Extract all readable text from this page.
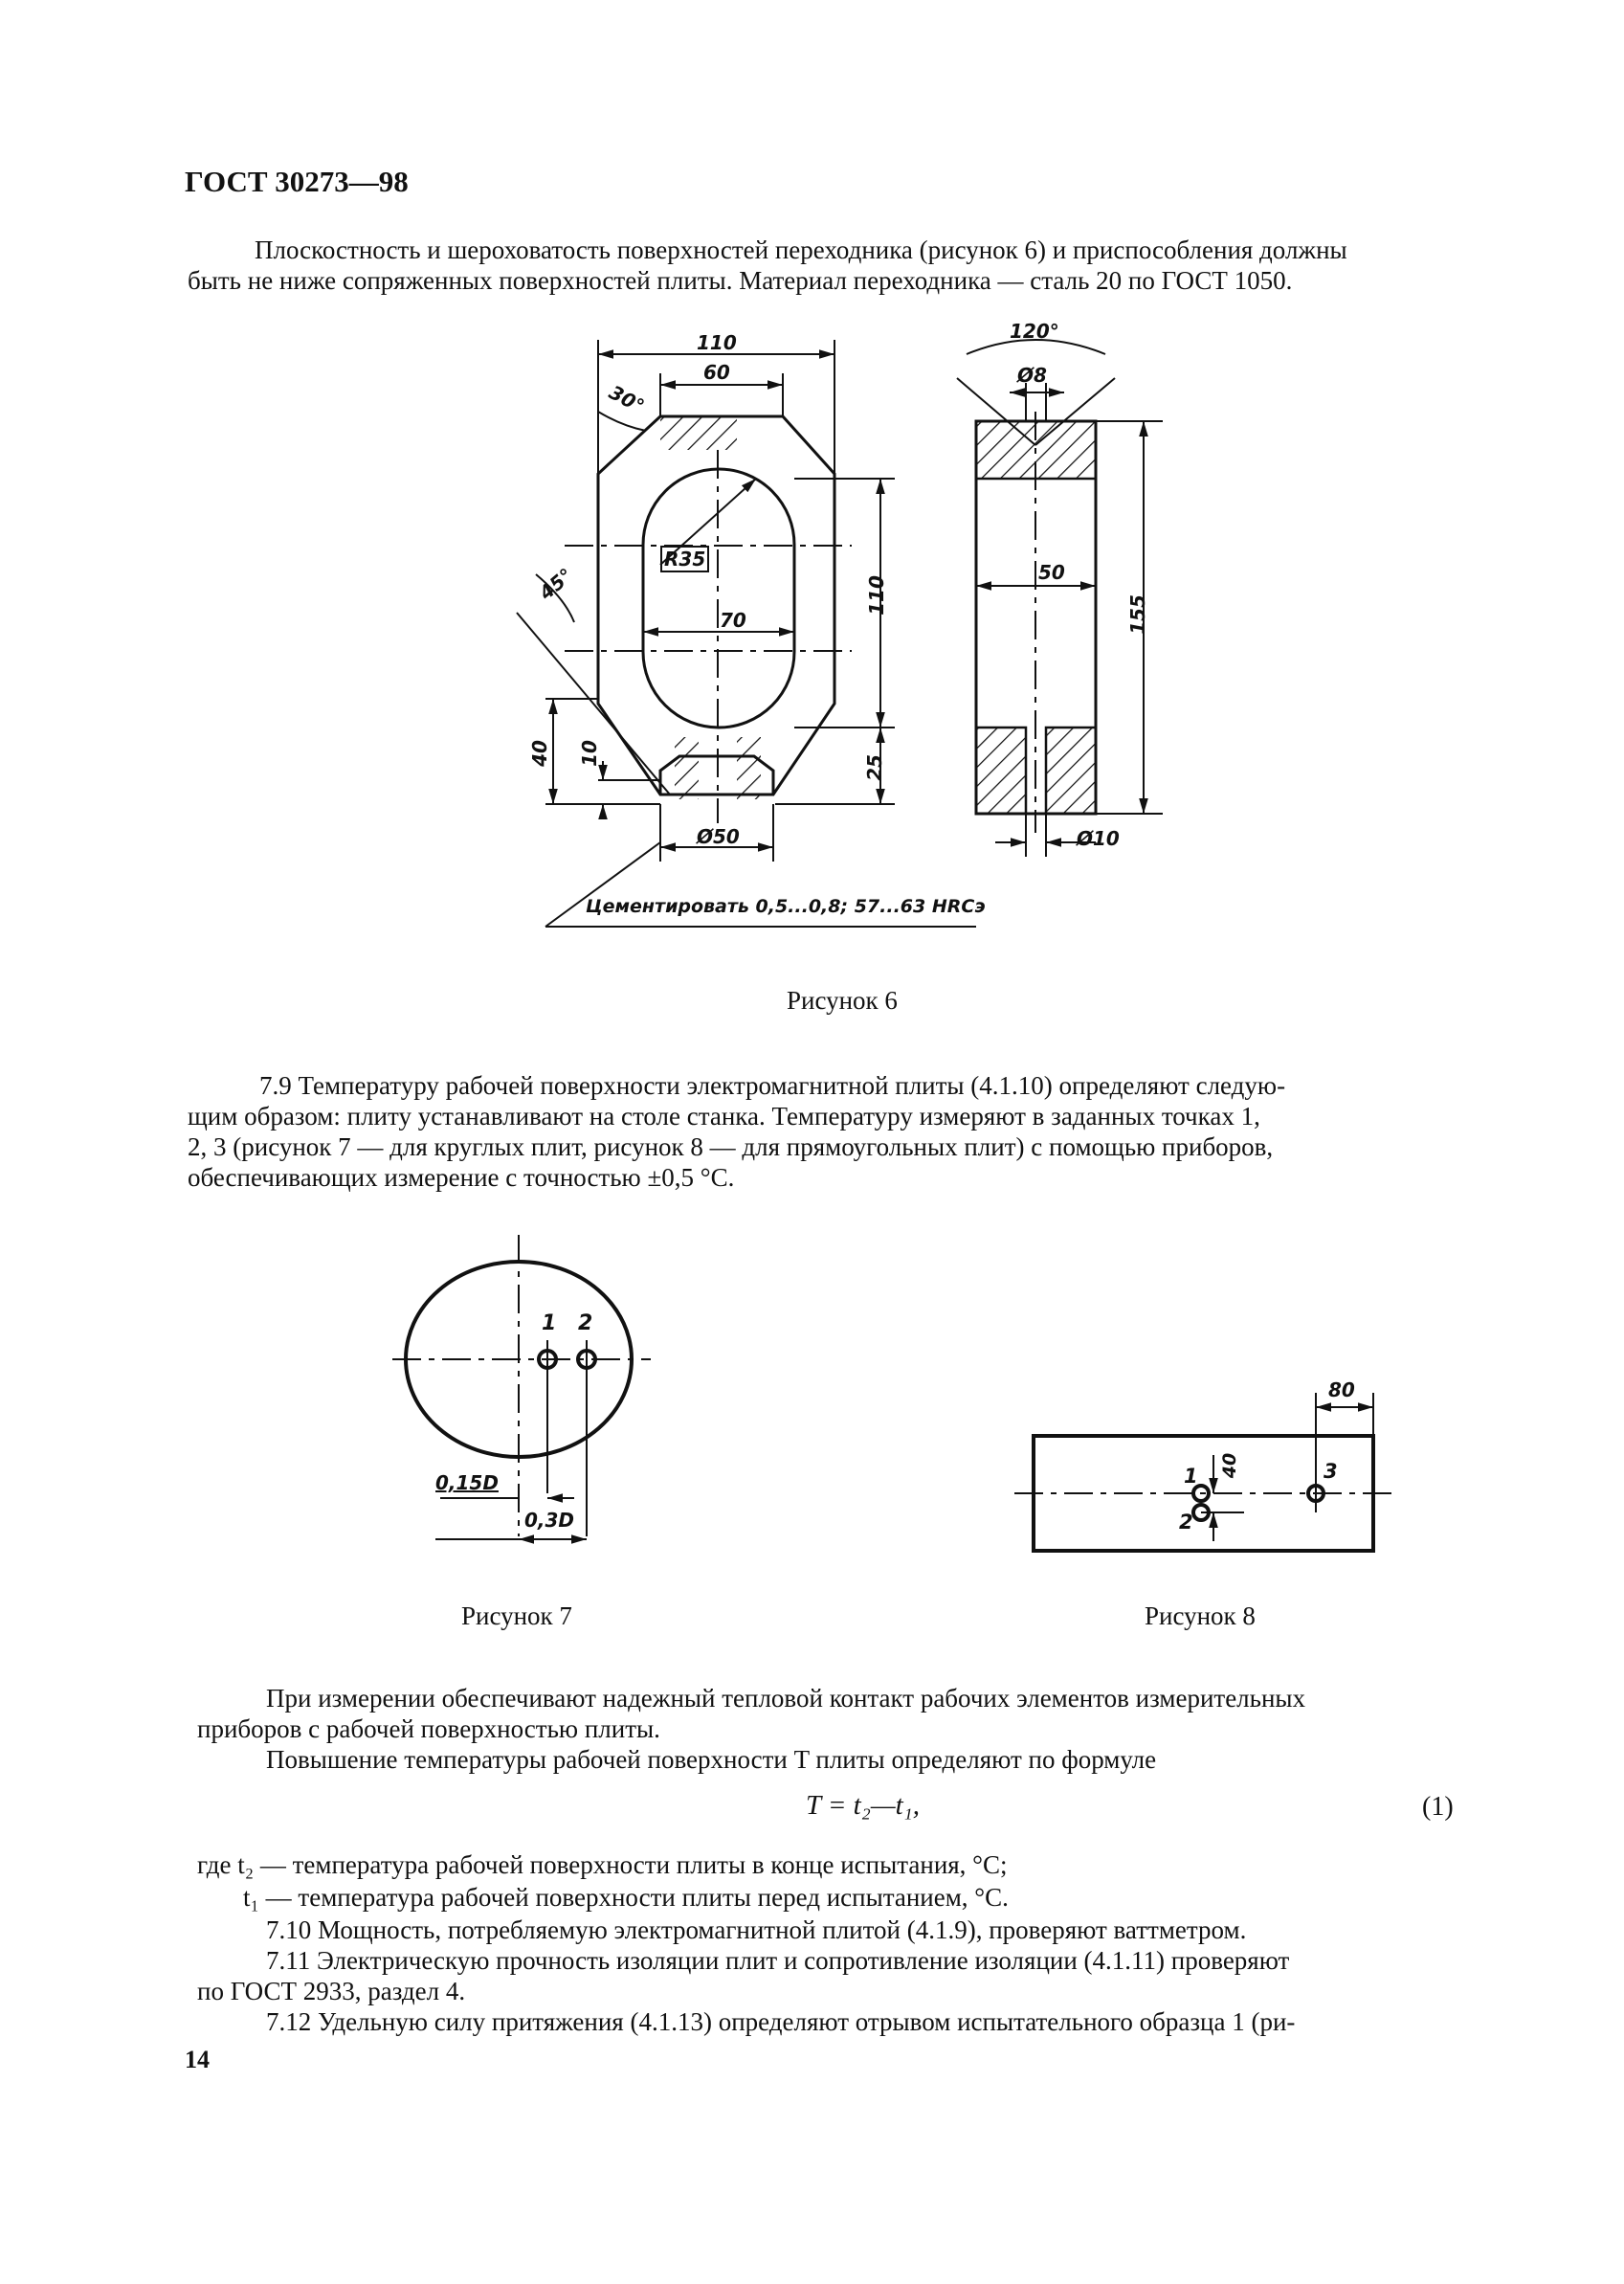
ГОСТ 30273—98
Плоскостность и шероховатость поверхностей переходника (рисунок 6) и приспособления должны
быть не ниже сопряженных поверхностей плиты. Материал переходника — сталь 20 по ГОСТ 1050.
110
60
30°
45°
R35
70
110
25
40 10
Ø50
120°
Ø8
50
155
Ø10
Цементировать 0,5...0,8; 57...63 HRCэ
Рисунок 6
7.9 Температуру рабочей поверхности электромагнитной плиты (4.1.10) определяют следую-
щим образом: плиту устанавливают на столе станка. Температуру измеряют в заданных точках 1,
2, 3 (рисунок 7 — для круглых плит, рисунок 8 — для прямоугольных плит) с помощью приборов,
обеспечивающих измерение с точностью ±0,5 °С.
1 2
0,15D
0,3D
Рисунок 7
1
2
3
80
40
Рисунок 8
При измерении обеспечивают надежный тепловой контакт рабочих элементов измерительных
приборов с рабочей поверхностью плиты.
Повышение температуры рабочей поверхности T плиты определяют по формуле
T = t₂—t₁,	(1)
где t₂ — температура рабочей поверхности плиты в конце испытания, °С;
t₁ — температура рабочей поверхности плиты перед испытанием, °С.
7.10 Мощность, потребляемую электромагнитной плитой (4.1.9), проверяют ваттметром.
7.11 Электрическую прочность изоляции плит и сопротивление изоляции (4.1.11) проверяют
по ГОСТ 2933, раздел 4.
7.12 Удельную силу притяжения (4.1.13) определяют отрывом испытательного образца 1 (ри-
14
